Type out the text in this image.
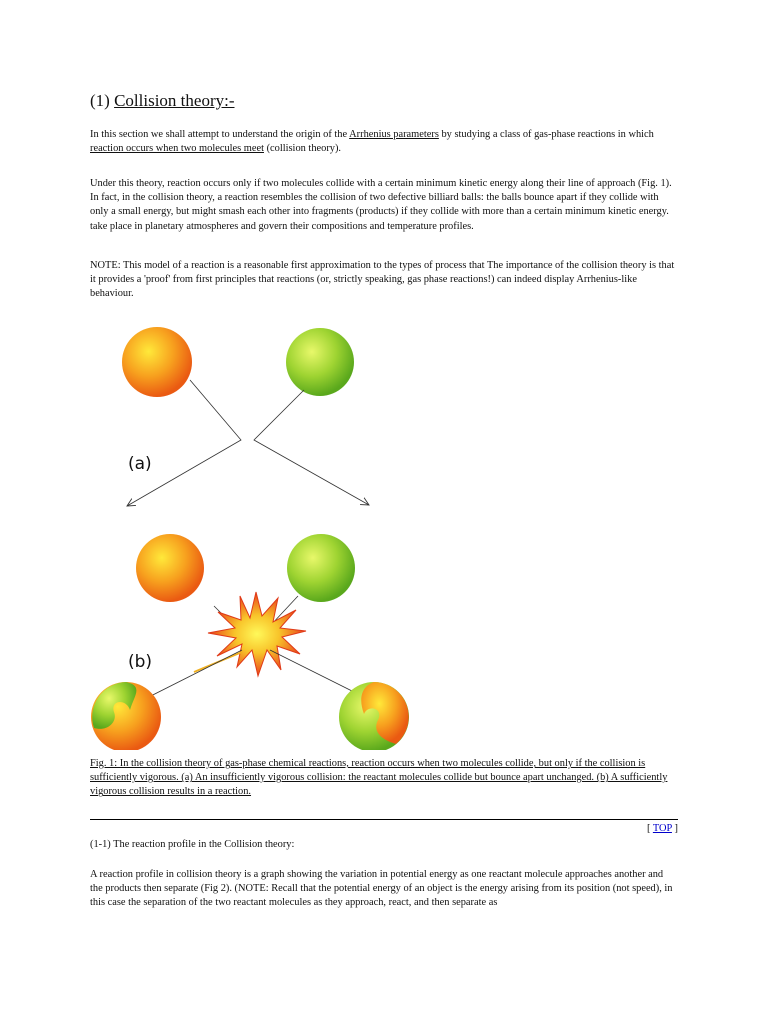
(1) Collision theory:-

In this section we shall attempt to understand the origin of the Arrhenius parameters by studying a class of gas-phase reactions in which reaction occurs when two molecules meet (collision theory).

Under this theory, reaction occurs only if two molecules collide with a certain minimum kinetic energy along their line of approach (Fig. 1). In fact, in the collision theory, a reaction resembles the collision of two defective billiard balls: the balls bounce apart if they collide with only a small energy, but might smash each other into fragments (products) if they collide with more than a certain minimum kinetic energy. take place in planetary atmospheres and govern their compositions and temperature profiles.

NOTE: This model of a reaction is a reasonable first approximation to the types of process that The importance of the collision theory is that it provides a 'proof' from first principles that reactions (or, strictly speaking, gas phase reactions!) can indeed display Arrhenius-like behaviour.

(a)
(b)

Fig. 1: In the collision theory of gas-phase chemical reactions, reaction occurs when two molecules collide, but only if the collision is sufficiently vigorous. (a) An insufficiently vigorous collision: the reactant molecules collide but bounce apart unchanged. (b) A sufficiently vigorous collision results in a reaction.

[ TOP ]

(1-1) The reaction profile in the Collision theory:

A reaction profile in collision theory is a graph showing the variation in potential energy as one reactant molecule approaches another and the products then separate (Fig 2). (NOTE: Recall that the potential energy of an object is the energy arising from its position (not speed), in this case the separation of the two reactant molecules as they approach, react, and then separate as
